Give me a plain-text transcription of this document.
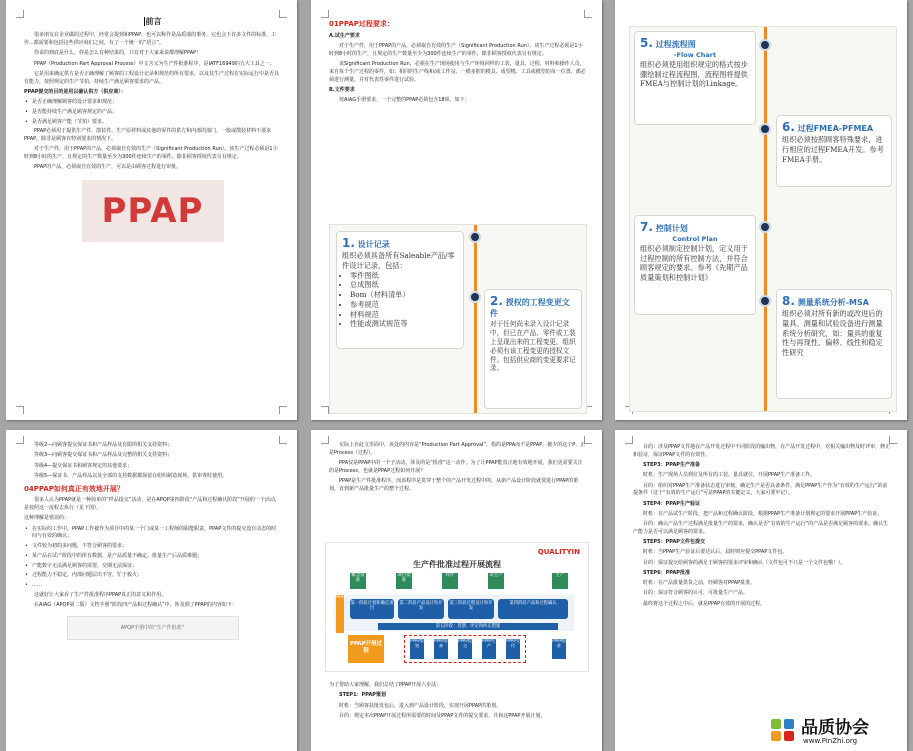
前言

很多朋友在企业做的过程中，经常会提到和PPAP，也可以称作是品质部的事务，它也会下许多文件的标准，工作...都需要和包括这些供应商们之间，有了一个统一的“语言”。

你说的到底是什么，你是怎么有种结果的，只有对于大家来说都理解PPAP！

PPAP（Production Part Approval Process）中文含义为生产件批准程序，是IATF16949的五大工具之一。

它是用来确定供方是否正确理解了顾客的工程设计记录和规范的所有要求，以及其生产过程在实际运行中是否具有能力，按照规定的生产节拍，持续生产满足顾客要求的产品。

PPAP提交的目的是用以确认供方（供应商）：

• 是否正确理解顾客的设计要求和规范；
• 是否能持续生产满足顾客规定的产品；
• 是否满足顾客产能（节拍）要求。

PPAP必须用于提供生产件、散装件、生产原材料或其他的零件的供方和内部的部门，一般或散装材料不要求PPAP，除非是顾客有特别要求的情况下。

对于生产件，用于PPAP的产品，必须取自有效的生产（Significant Production Run）。该生产过程必须是1小时到8小时的生产，且规定的生产数量至少为300件连续生产的零件，除非顾客授权代表另有规定。

PPAP的产品，必须取自有效的生产，可以是由顾客过程进行审批。

PPAP
01PPAP过程要求：

A.试生产要求

对于生产件，用于PPAP的产品，必须取自有效的生产（Significant Production Run）。该生产过程必须是1小时到8小时的生产，且规定的生产数量至少为300件连续生产的零件，除非顾客授权代表另有规定。

该Significant Production Run，必须在生产现场使用与生产环境同样的工装、量具、过程、材料和操作人员，来自每个生产过程的零件，如：相同的生产线和/或工作站、一模多腔的模具、成型模、工具或模型的每一位置，都必须进行测量，并对代表性零件进行试验。

B.文件要求

按AIAG手册要求，一个完整的PPAP必须包含18项，如下：

1. 设计记录
组织必须具备所有Saleable产品/零件设计记录，包括：
• 零件图纸
• 总成图纸
• Bom（材料清单）
• 参考规范
• 材料规范
• 性能或测试规范等
2. 授权的工程变更文件
对于任何尚未录入设计记录中，但已在产品、零件或工装上呈现出来的工程变更，组织必须有该工程变更的授权文件。包括供应商的变更要求记录。
5. 过程流程图
-Flow Chart
组织必须使用组织规定的格式按步骤绘制过程流程图，流程图将提供FMEA与控制计划的Linkage。
6. 过程FMEA-PFMEA
组织必须按照顾客特殊要求，进行相应的过程FMEA开发。参考FMEA手册。
7. 控制计划
Control Plan
组织必须制定控制计划，定义用于过程控制的所有控制方法，并符合顾客规定的要求。参考《先期产品质量策划和控制计划》
8. 测量系统分析-MSA
组织必须对所有新的或改进后的量具、测量和试验设备进行测量系统分析研究，如：量具的重复性与再现性、偏移、线性和稳定性研究

等级2—向顾客提交保证书和产品样品及有限的相关支持资料；

等级3—向顾客提交保证书和产品样品及完整的相关支持资料；

等级4—提交保证书和顾客规定的其他要求；

等级5—保证书、产品样品以及全部的支持数据都保留在组织制造现场，供审查时使用。

04PPAP如何真正有效地开展？

很多人认为PPAP就是一种简单的“样品提交”活动，是在APQP第四阶段“产品和过程确认阶段”开展的一个活动，是按照这一流程去执行（见下图）。

这种理解是错误的：

• 在实际的工作中，PPAP工作被作为项目中的某一个门或某一工程师的职能职责，PPAP文件的提交没有动态的时间与有效的确认；
• 文件较为初的多问题，不符合顾客的要求；
• 某产品在试产阶段中的所有数据，是产品质量不确定，批量生产后品质难题；
• 产能数字无法满足顾客的需要，交期无法保证；
• 过程能力不稳定，内部问题层出不穷，忙于救火；
• ……

这就好让大家看了生产件批准程序PPAP真正的意义和作用。

在AIAG（APQP第二版）文档手册“阶段四产品和过程确认”中，涉及到了PPAP的内容如下：

APQP手册中的“生产件批准”

实际上在此文里面中，该处的内容是“Production Part Approval”，指的是PPA而不是PPAP，被少的这个P，正是Process（过程）。

PPA仅是PPAP中的一个子活动，涉及的是“批准”这一动作，为了让PPAP能真正地有效地开展，我们更需要关注的是Process，也就是PPAP过程如何开展？

PPAP是生产件批准程序，而该程序是贯穿于整个的产品开发过程中的，从新产品设计阶段就要进行PPAP的策划，直到新产品批量生产的整个过程。

QUALITYIN
生产件批准过程开展流程
概念批准
项目批准
样件	试生产	生产
APQP
第一阶段计划和确定项目
第二阶段产品设计和开发
第三阶段过程设计和开发
第四阶段产品和过程确认
第五阶段：反馈、评定和纠正措施
PPAP开展过程
PPAP策划
PPAP准备
PPAP提交
PPAP生产
PPAP交付
PPAP批准

为了帮助大家理解，我们总结了PPAP开展六步法：

STEP1：PPAP策划

时机：当顾客获批发包后，进入到产品设计阶段，实现开展PPAP的策划。

目的：规定本次PPAP开展过程所需要的时间及PPAP文件的提交要求，并和这PPAP开展计划。

目的：涉及PPAP文件地在产品开发过程中不同阶段的输出物，在产品开发过程中，对相关输出物及时评审，修正和验证，保证PPAP文件的有效性。

STEP3：PPAP生产准备

时机：生产现场人员到位及所有的工装、量具就位，开展PPAP生产准备工作。

目的：组织对PPAP生产准备状态进行审核，确定生产是否具备条件，满足PPAP生产作为“有效的生产运行”的前提条件（这个“有效的生产运行”可是PPAP的关键定义，大家可要牢记）。

STEP4：PPAP生产验证

时机：在产品试生产阶段，把产品和过程确认阶段，根据PPAP生产准备计划规定的要求开展PPAP生产验证。

目的：确认产品生产过程满足批量生产的要求，确认是否“有效的生产运行”的产品是否满足顾客的要求，确认生产能力是否可以满足顾客的要求。

STEP5：PPAP文件包提交

时机：当PPAP生产验证后要达认后，届时则应提交PPAP文件包。

目的：保证提交给顾客的满足于顾客的要求评审和确认（文件包可不只是一个文件包哦！）。

STEP6：PPAP批准

时机：在产品批量供货之前，经顾客对PPAP批准。

目的：保证符合顾客的认可，可批量生产产品。

最终将这个过程之中后，就是PPAP有效的开展的过程。

品质协会
www.PinZhi.org
